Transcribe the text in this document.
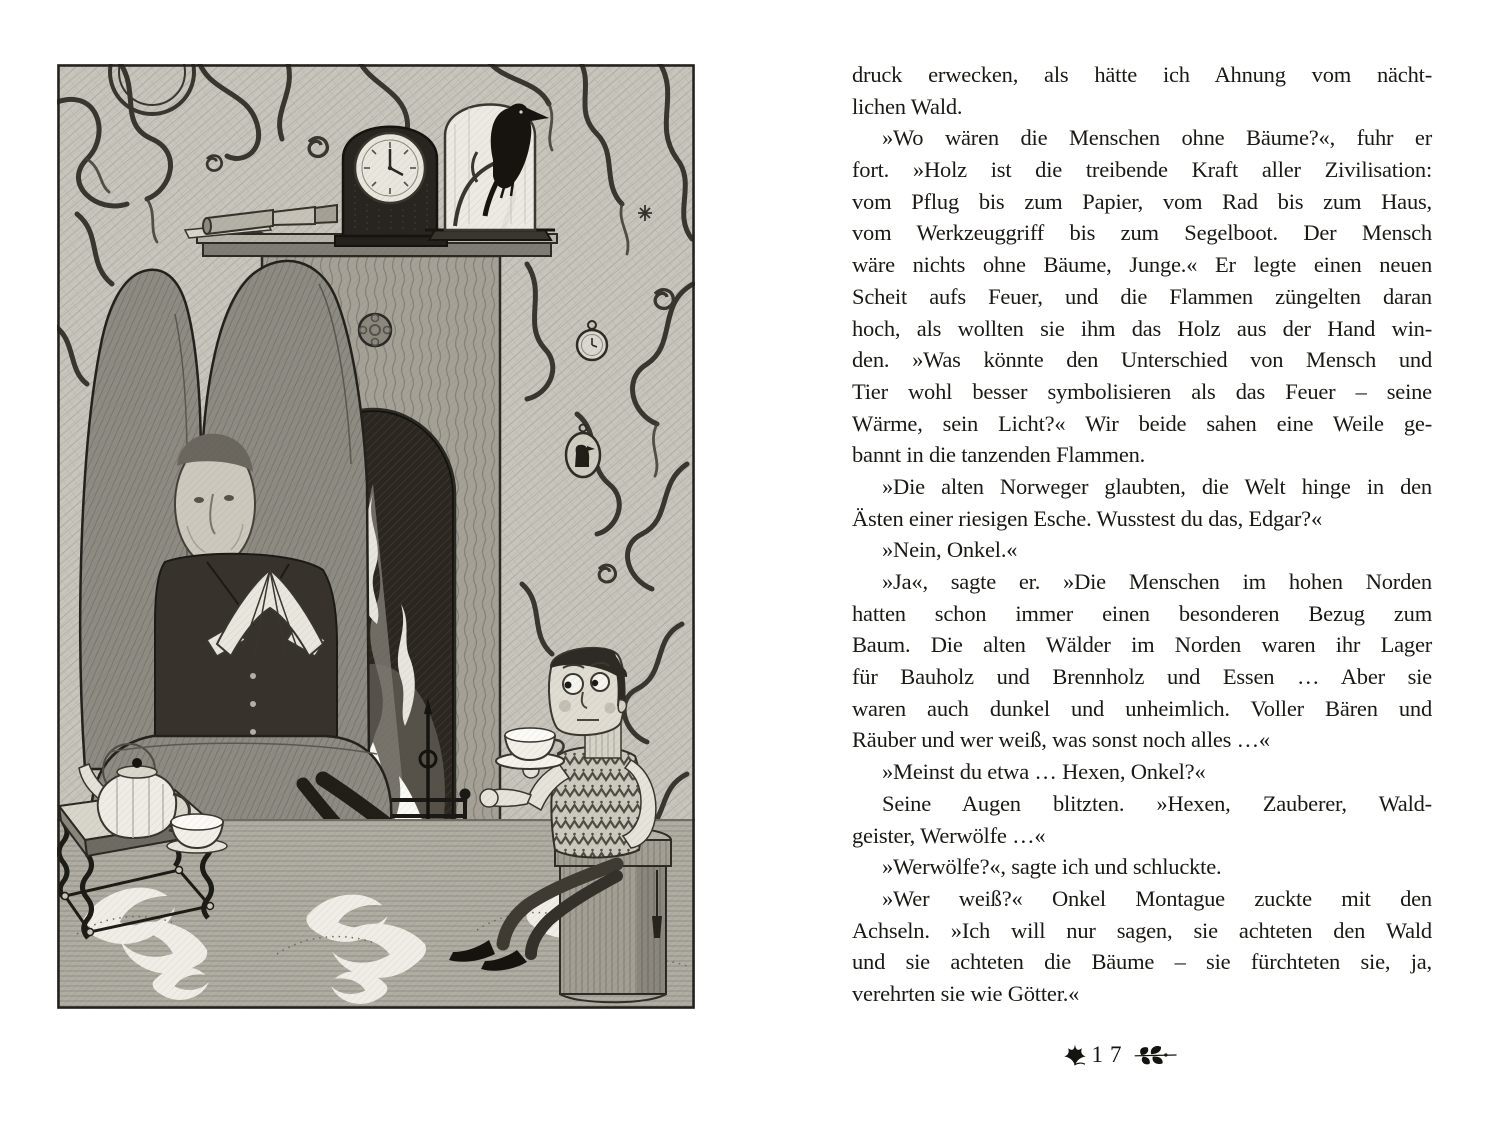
druck erwecken, als hätte ich Ahnung vom nächt-
lichen Wald.
»Wo wären die Menschen ohne Bäume?«, fuhr er
fort. »Holz ist die treibende Kraft aller Zivilisation:
vom Pflug bis zum Papier, vom Rad bis zum Haus,
vom Werkzeuggriff bis zum Segelboot. Der Mensch
wäre nichts ohne Bäume, Junge.« Er legte einen neuen
Scheit aufs Feuer, und die Flammen züngelten daran
hoch, als wollten sie ihm das Holz aus der Hand win-
den. »Was könnte den Unterschied von Mensch und
Tier wohl besser symbolisieren als das Feuer – seine
Wärme, sein Licht?« Wir beide sahen eine Weile ge-
bannt in die tanzenden Flammen.
»Die alten Norweger glaubten, die Welt hinge in den
Ästen einer riesigen Esche. Wusstest du das, Edgar?«
»Nein, Onkel.«
»Ja«, sagte er. »Die Menschen im hohen Norden
hatten schon immer einen besonderen Bezug zum
Baum. Die alten Wälder im Norden waren ihr Lager
für Bauholz und Brennholz und Essen … Aber sie
waren auch dunkel und unheimlich. Voller Bären und
Räuber und wer weiß, was sonst noch alles …«
»Meinst du etwa … Hexen, Onkel?«
Seine Augen blitzten. »Hexen, Zauberer, Wald-
geister, Werwölfe …«
»Werwölfe?«, sagte ich und schluckte.
»Wer weiß?« Onkel Montague zuckte mit den
Achseln. »Ich will nur sagen, sie achteten den Wald
und sie achteten die Bäume – sie fürchteten sie, ja,
verehrten sie wie Götter.«
17
